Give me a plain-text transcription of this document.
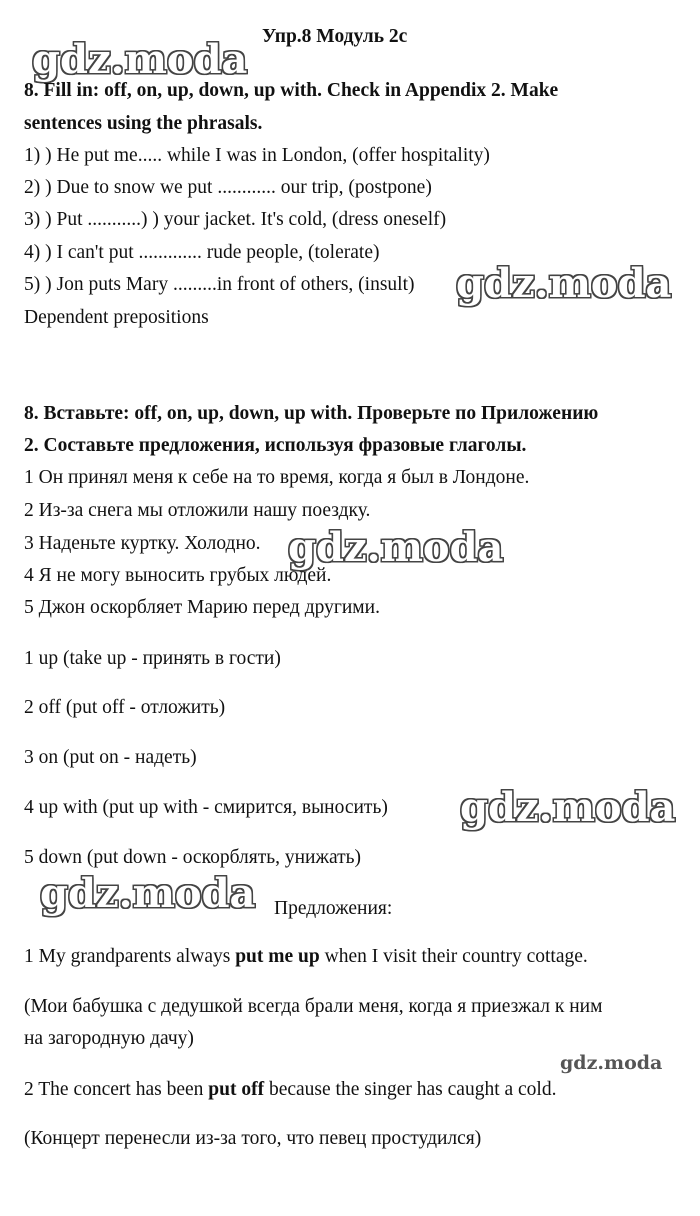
Упр.8 Модуль 2с
gdz.moda
gdz.moda
gdz.moda
gdz.moda
gdz.moda
gdz.moda
8. Fill in: off, on, up, down, up with. Check in Appendix 2. Make
sentences using the phrasals.
1) ) He put me..... while I was in London, (offer hospitality)
2) ) Due to snow we put ............ our trip, (postpone)
3) ) Put ...........) ) your jacket. It's cold, (dress oneself)
4) ) I can't put ............. rude people, (tolerate)
5) ) Jon puts Mary .........in front of others, (insult)
Dependent prepositions
8. Вставьте: off, on, up, down, up with. Проверьте по Приложению
2. Составьте предложения, используя фразовые глаголы.
1 Он принял меня к себе на то время, когда я был в Лондоне.
2 Из-за снега мы отложили нашу поездку.
3 Наденьте куртку. Холодно.
4 Я не могу выносить грубых людей.
5 Джон оскорбляет Марию перед другими.
1 up (take up - принять в гости)
2 off (put off - отложить)
3 on (put on - надеть)
4 up with (put up with - смирится, выносить)
5 down (put down - оскорблять, унижать)
Предложения:
1 My grandparents always put me up when I visit their country cottage.
(Мои бабушка с дедушкой всегда брали меня, когда я приезжал к ним
на загородную дачу)
2 The concert has been put off because the singer has caught a cold.
(Концерт перенесли из-за того, что певец простудился)
